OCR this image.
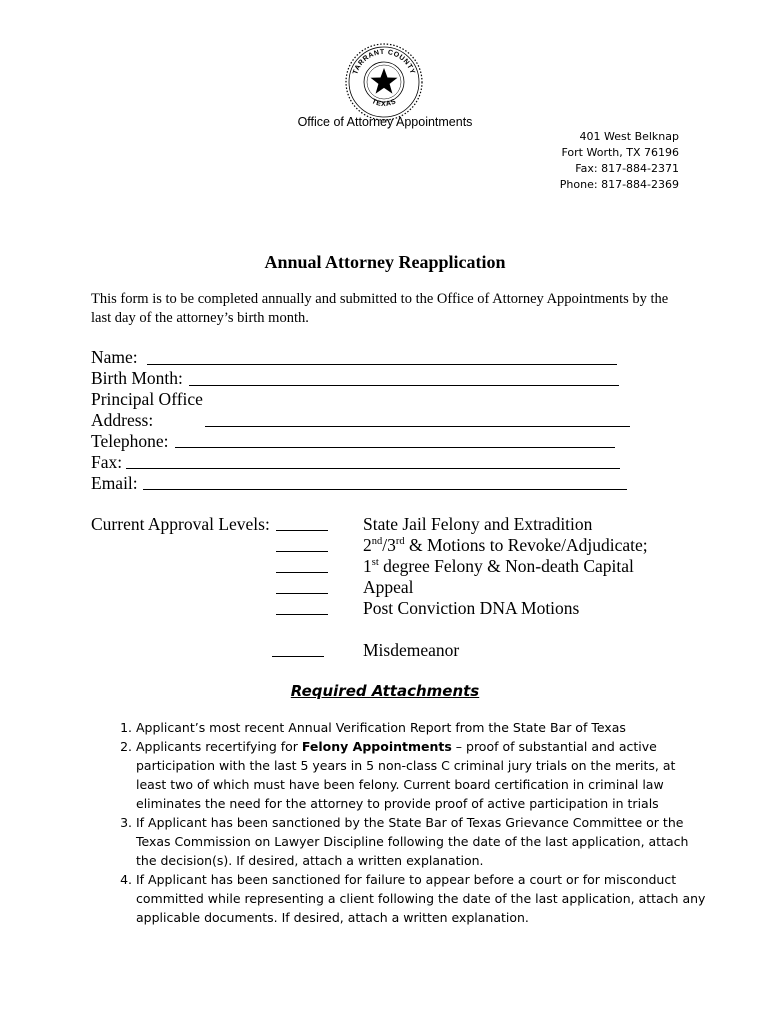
TARRANT COUNTY
TEXAS
Office of Attorney Appointments
401 West Belknap
Fort Worth, TX 76196
Fax: 817-884-2371
Phone: 817-884-2369
Annual Attorney Reapplication
This form is to be completed annually and submitted to the Office of Attorney Appointments by the last day of the attorney’s birth month.
Name:
Birth Month:
Principal Office
Address:
Telephone:
Fax:
Email:
Current Approval Levels:	State Jail Felony and Extradition
2nd/3rd & Motions to Revoke/Adjudicate;
1st degree Felony & Non-death Capital
Appeal
Post Conviction DNA Motions
Misdemeanor
Required Attachments
1. Applicant’s most recent Annual Verification Report from the State Bar of Texas
2. Applicants recertifying for Felony Appointments – proof of substantial and active participation with the last 5 years in 5 non-class C criminal jury trials on the merits, at least two of which must have been felony. Current board certification in criminal law eliminates the need for the attorney to provide proof of active participation in trials
3. If Applicant has been sanctioned by the State Bar of Texas Grievance Committee or the Texas Commission on Lawyer Discipline following the date of the last application, attach the decision(s). If desired, attach a written explanation.
4. If Applicant has been sanctioned for failure to appear before a court or for misconduct committed while representing a client following the date of the last application, attach any applicable documents. If desired, attach a written explanation.
